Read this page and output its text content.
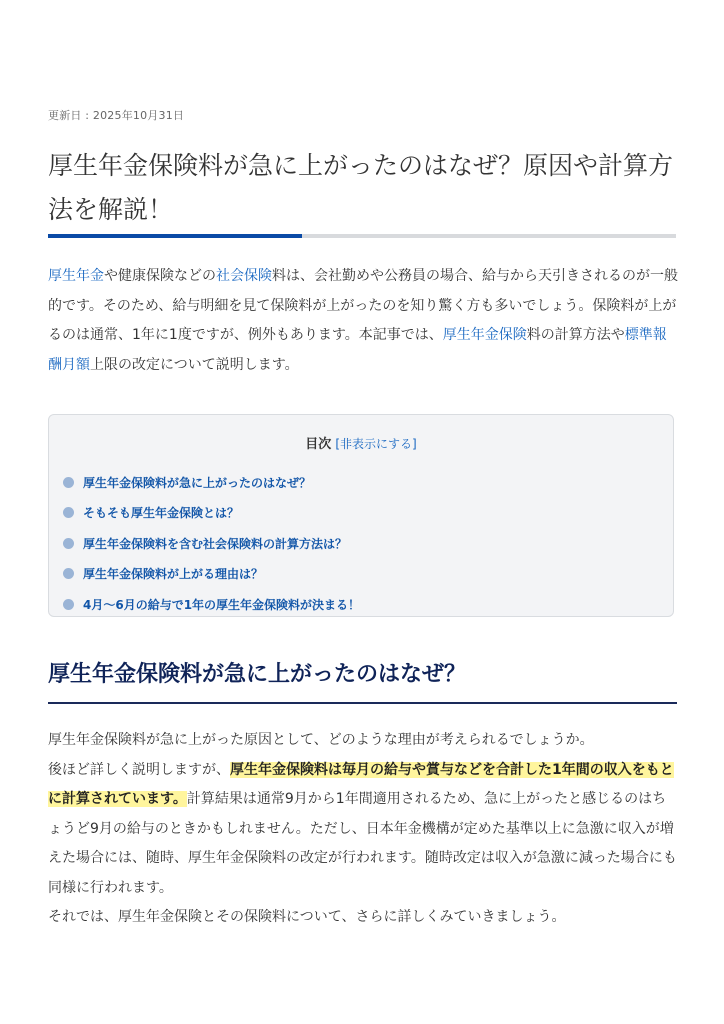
更新日 : 2025年10月31日
厚生年金保険料が急に上がったのはなぜ？原因や計算方法を解説！
厚生年金や健康保険などの社会保険料は、会社勤めや公務員の場合、給与から天引きされるのが一般的です。そのため、給与明細を見て保険料が上がったのを知り驚く方も多いでしょう。保険料が上がるのは通常、1年に1度ですが、例外もあります。本記事では、厚生年金保険料の計算方法や標準報酬月額上限の改定について説明します。
目次 [非表示にする]
厚生年金保険料が急に上がったのはなぜ？
そもそも厚生年金保険とは？
厚生年金保険料を含む社会保険料の計算方法は？
厚生年金保険料が上がる理由は？
4月〜6月の給与で1年の厚生年金保険料が決まる！
厚生年金保険料が急に上がったのはなぜ？

厚生年金保険料が急に上がった原因として、どのような理由が考えられるでしょうか。

後ほど詳しく説明しますが、厚生年金保険料は毎月の給与や賞与などを合計した1年間の収入をもとに計算されています。計算結果は通常9月から1年間適用されるため、急に上がったと感じるのはちょうど9月の給与のときかもしれません。ただし、日本年金機構が定めた基準以上に急激に収入が増えた場合には、随時、厚生年金保険料の改定が行われます。随時改定は収入が急激に減った場合にも同様に行われます。

それでは、厚生年金保険とその保険料について、さらに詳しくみていきましょう。
